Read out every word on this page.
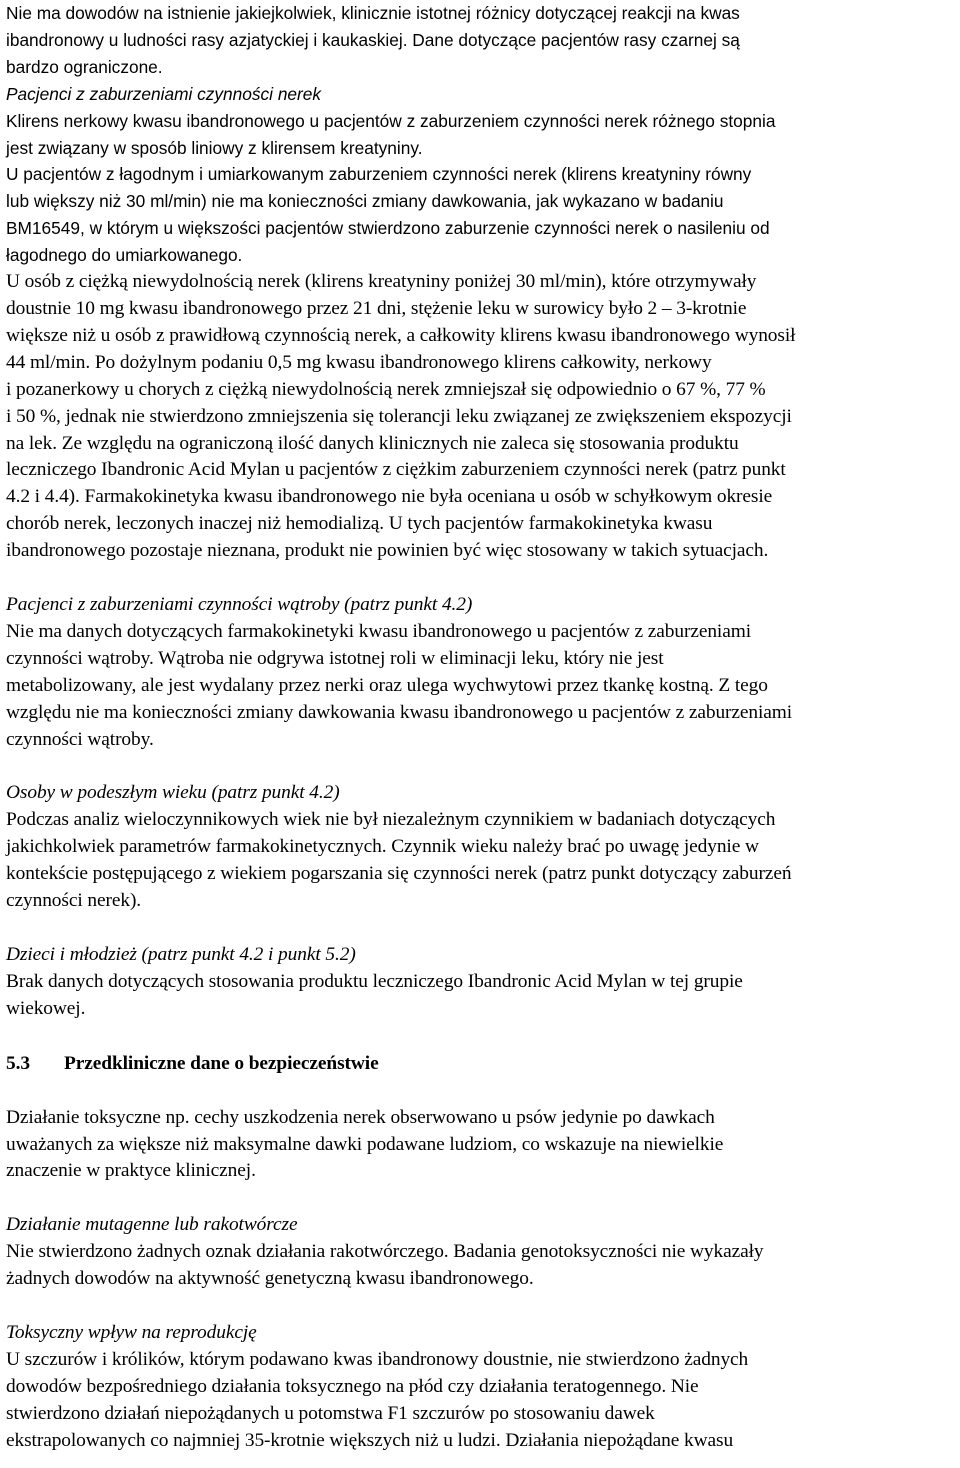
Nie ma dowodów na istnienie jakiejkolwiek, klinicznie istotnej różnicy dotyczącej reakcji na kwas
ibandronowy u ludności rasy azjatyckiej i kaukaskiej. Dane dotyczące pacjentów rasy czarnej są
bardzo ograniczone.

Pacjenci z zaburzeniami czynności nerek

Klirens nerkowy kwasu ibandronowego u pacjentów z zaburzeniem czynności nerek różnego stopnia
jest związany w sposób liniowy z klirensem kreatyniny.

U pacjentów z łagodnym i umiarkowanym zaburzeniem czynności nerek (klirens kreatyniny równy
lub większy niż 30 ml/min) nie ma konieczności zmiany dawkowania, jak wykazano w badaniu
BM16549, w którym u większości pacjentów stwierdzono zaburzenie czynności nerek o nasileniu od
łagodnego do umiarkowanego.

U osób z ciężką niewydolnością nerek (klirens kreatyniny poniżej 30 ml/min), które otrzymywały
doustnie 10 mg kwasu ibandronowego przez 21 dni, stężenie leku w surowicy było 2 – 3-krotnie
większe niż u osób z prawidłową czynnością nerek, a całkowity klirens kwasu ibandronowego wynosił
44 ml/min. Po dożylnym podaniu 0,5 mg kwasu ibandronowego klirens całkowity, nerkowy
i pozanerkowy u chorych z ciężką niewydolnością nerek zmniejszał się odpowiednio o 67 %, 77 %
i 50 %, jednak nie stwierdzono zmniejszenia się tolerancji leku związanej ze zwiększeniem ekspozycji
na lek. Ze względu na ograniczoną ilość danych klinicznych nie zaleca się stosowania produktu
leczniczego Ibandronic Acid Mylan u pacjentów z ciężkim zaburzeniem czynności nerek (patrz punkt
4.2 i 4.4). Farmakokinetyka kwasu ibandronowego nie była oceniana u osób w schyłkowym okresie
chorób nerek, leczonych inaczej niż hemodializą. U tych pacjentów farmakokinetyka kwasu
ibandronowego pozostaje nieznana, produkt nie powinien być więc stosowany w takich sytuacjach.

Pacjenci z zaburzeniami czynności wątroby (patrz punkt 4.2)

Nie ma danych dotyczących farmakokinetyki kwasu ibandronowego u pacjentów z zaburzeniami
czynności wątroby. Wątroba nie odgrywa istotnej roli w eliminacji leku, który nie jest
metabolizowany, ale jest wydalany przez nerki oraz ulega wychwytowi przez tkankę kostną. Z tego
względu nie ma konieczności zmiany dawkowania kwasu ibandronowego u pacjentów z zaburzeniami
czynności wątroby.

Osoby w podeszłym wieku (patrz punkt 4.2)

Podczas analiz wieloczynnikowych wiek nie był niezależnym czynnikiem w badaniach dotyczących
jakichkolwiek parametrów farmakokinetycznych. Czynnik wieku należy brać po uwagę jedynie w
kontekście postępującego z wiekiem pogarszania się czynności nerek (patrz punkt dotyczący zaburzeń
czynności nerek).

Dzieci i młodzież (patrz punkt 4.2 i punkt 5.2)

Brak danych dotyczących stosowania produktu leczniczego Ibandronic Acid Mylan w tej grupie
wiekowej.

5.3	Przedkliniczne dane o bezpieczeństwie

Działanie toksyczne np. cechy uszkodzenia nerek obserwowano u psów jedynie po dawkach
uważanych za większe niż maksymalne dawki podawane ludziom, co wskazuje na niewielkie
znaczenie w praktyce klinicznej.

Działanie mutagenne lub rakotwórcze

Nie stwierdzono żadnych oznak działania rakotwórczego. Badania genotoksyczności nie wykazały
żadnych dowodów na aktywność genetyczną kwasu ibandronowego.

Toksyczny wpływ na reprodukcję

U szczurów i królików, którym podawano kwas ibandronowy doustnie, nie stwierdzono żadnych
dowodów bezpośredniego działania toksycznego na płód czy działania teratogennego. Nie
stwierdzono działań niepożądanych u potomstwa F1 szczurów po stosowaniu dawek
ekstrapolowanych co najmniej 35-krotnie większych niż u ludzi. Działania niepożądane kwasu
